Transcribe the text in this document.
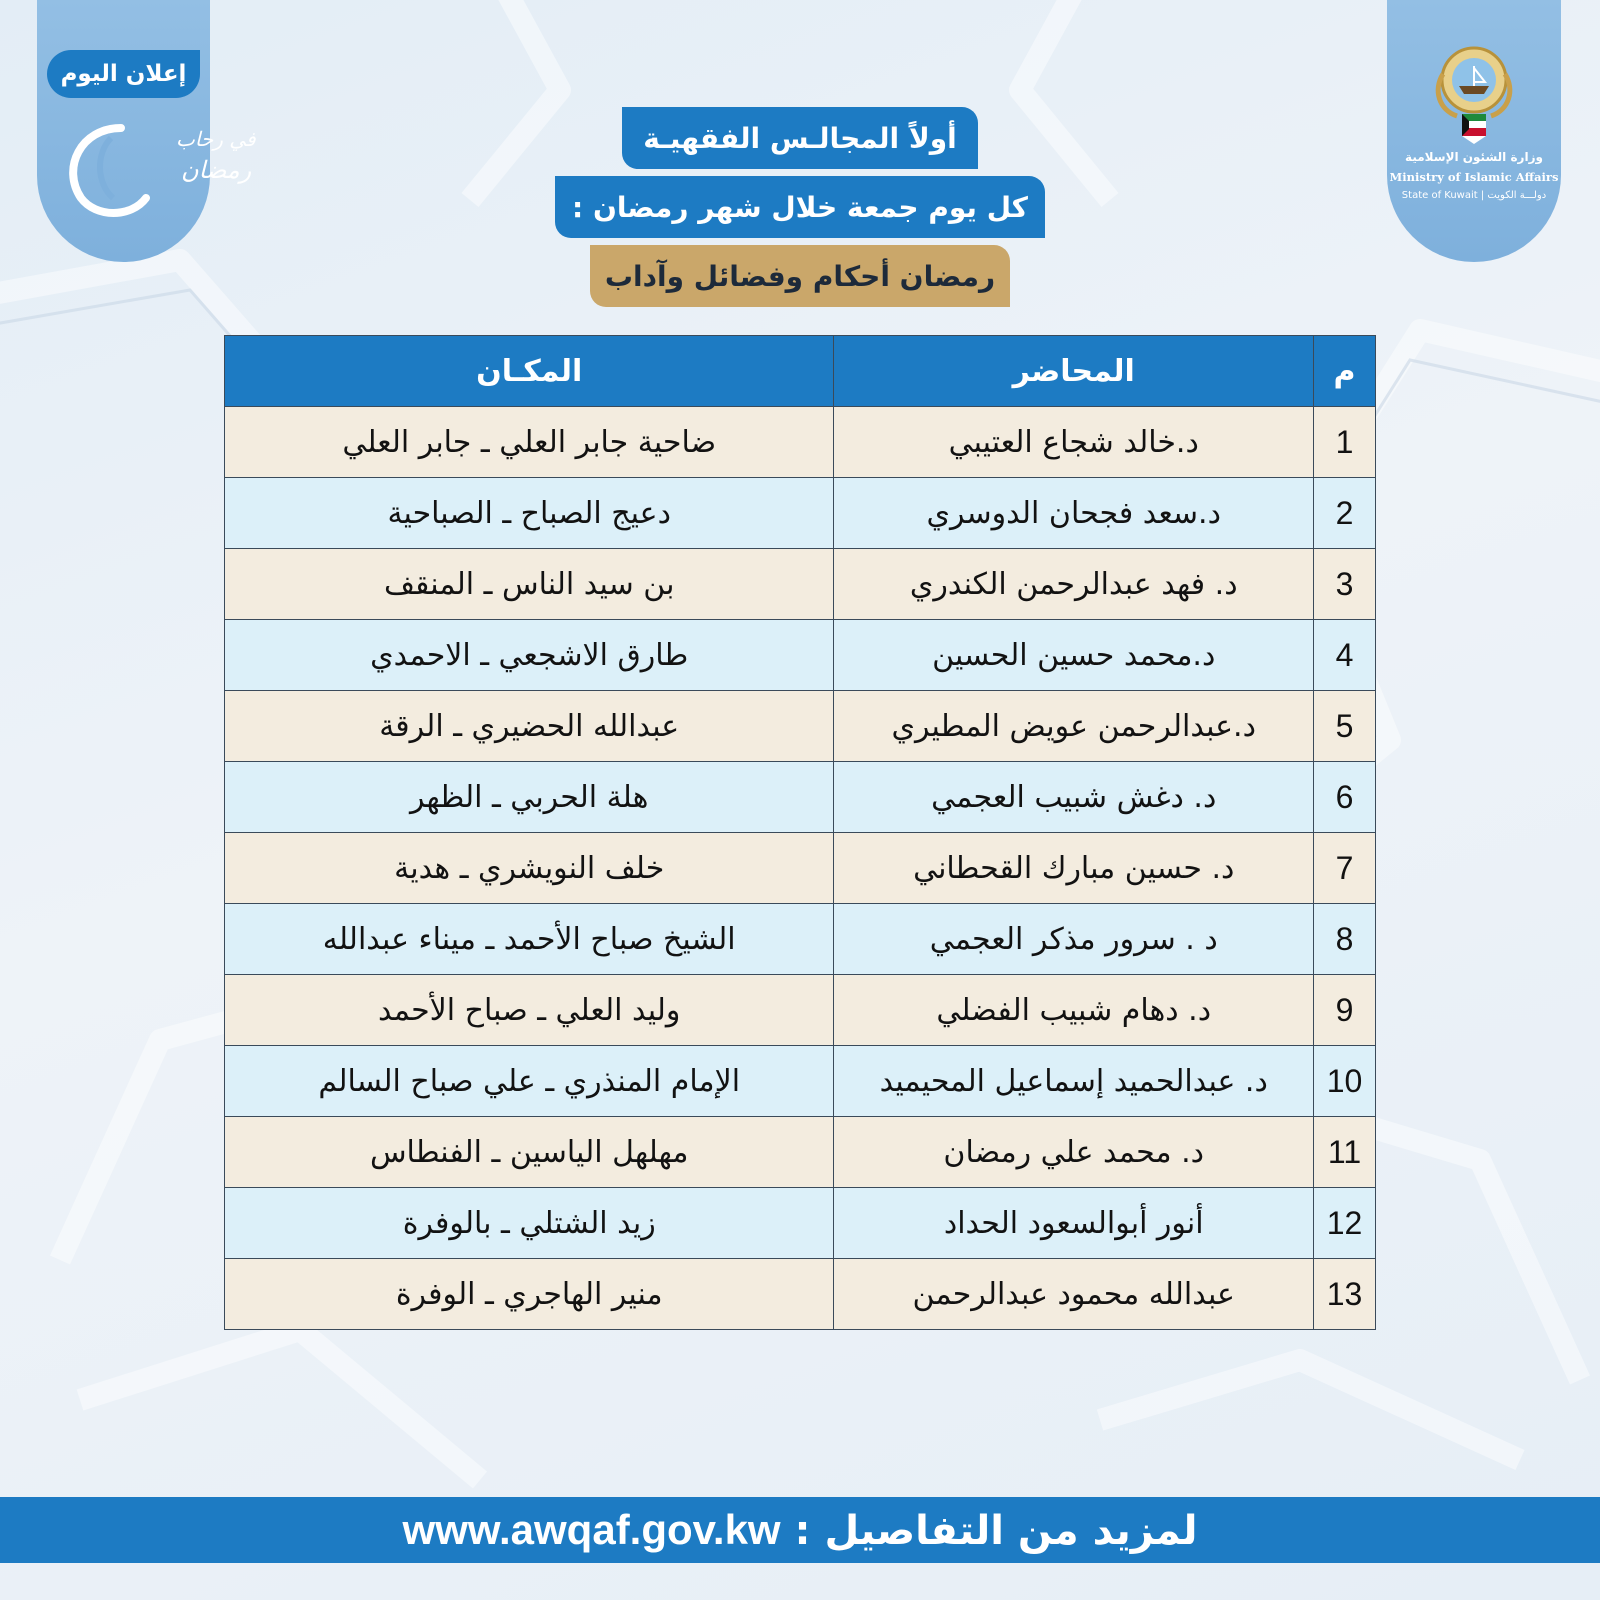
إعلان اليوم
في رحاب
رمضان	وزارة الشئون الإسلامية
Ministry of Islamic Affairs
State of Kuwait | دولـــة الكويت
أولاً المجالـس الفقهيـة
كل يوم جمعة خلال شهر رمضان :
رمضان أحكام وفضائل وآداب
م	المحاضر	المكـان
1	د.خالد شجاع العتيبي	ضاحية جابر العلي ـ جابر العلي
2	د.سعد فجحان الدوسري	دعيج الصباح ـ الصباحية
3	د. فهد عبدالرحمن الكندري	بن سيد الناس ـ المنقف
4	د.محمد حسين الحسين	طارق الاشجعي ـ الاحمدي
5	د.عبدالرحمن عويض المطيري	عبدالله الحضيري ـ الرقة
6	د. دغش شبيب العجمي	هلة الحربي ـ الظهر
7	د. حسين مبارك القحطاني	خلف النويشري ـ هدية
8	د . سرور مذكر العجمي	الشيخ صباح الأحمد ـ ميناء عبدالله
9	د. دهام شبيب الفضلي	وليد العلي ـ صباح الأحمد
10	د. عبدالحميد إسماعيل المحيميد	الإمام المنذري ـ علي صباح السالم
11	د. محمد علي رمضان	مهلهل الياسين ـ الفنطاس
12	أنور أبوالسعود الحداد	زيد الشتلي ـ بالوفرة
13	عبدالله محمود عبدالرحمن	منير الهاجري ـ الوفرة
www.awqaf.gov.kw لمزيد من التفاصيل :
